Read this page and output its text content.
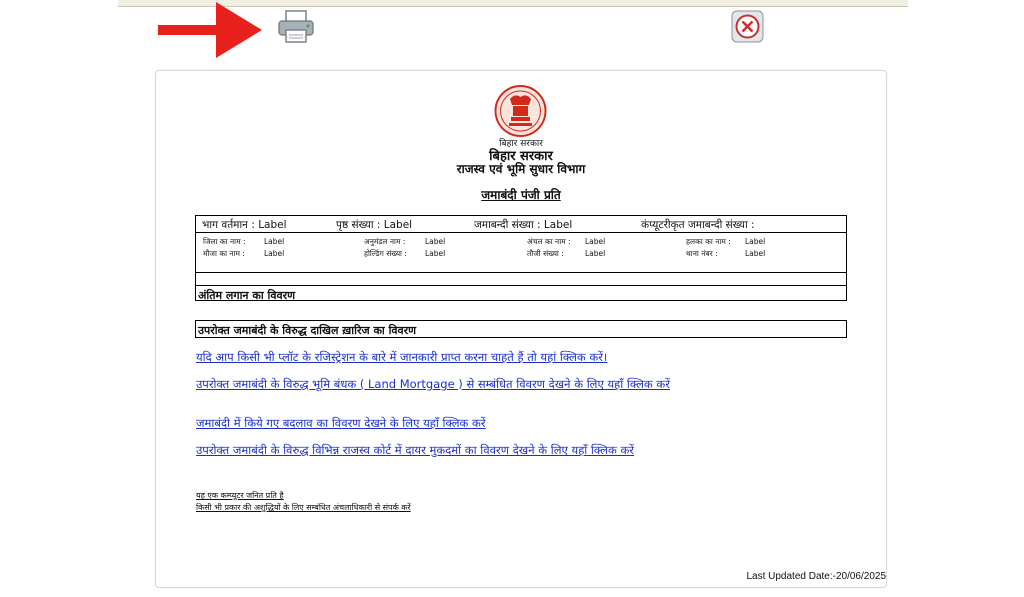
बिहार सरकार
बिहार सरकार
राजस्व एवं भूमि सुधार विभाग
जमाबंदी पंजी प्रति
भाग वर्तमान : Label	पृष्ठ संख्या : Label	जमाबन्दी संख्या : Label	कंप्यूटरीकृत जमाबन्दी संख्या :
जिला का नाम : Label	अनुमंडल नाम :	Label	अंचल का नाम : Label	हलका का नाम : Label
मौजा का नाम :	Label	होल्डिंग संख्या : Label	तौजी संख्या :	Label	थाना नंबर :	Label
अंतिम लगान का विवरण
उपरोक्त जमाबंदी के विरुद्ध दाखिल ख़ारिज का विवरण
यदि आप किसी भी प्लॉट के रजिस्ट्रेशन के बारे में जानकारी प्राप्त करना चाहते हैं तो यहां क्लिक करें।
उपरोक्त जमाबंदी के विरुद्ध भूमि बंधक ( Land Mortgage ) से सम्बंधित विवरण देखने के लिए यहाँ क्लिक करें
जमाबंदी में किये गए बदलाव का विवरण देखने के लिए यहाँ क्लिक करें
उपरोक्त जमाबंदी के विरुद्ध विभिन्न राजस्व कोर्ट में दायर मुकदमों का विवरण देखने के लिए यहाँ क्लिक करें
यह एक कम्प्यूटर जनित प्रति है
किसी भी प्रकार की अशुद्धियों के लिए सम्बंधित अंचलाधिकारी से संपर्क करें
Last Updated Date:-20/06/2025
